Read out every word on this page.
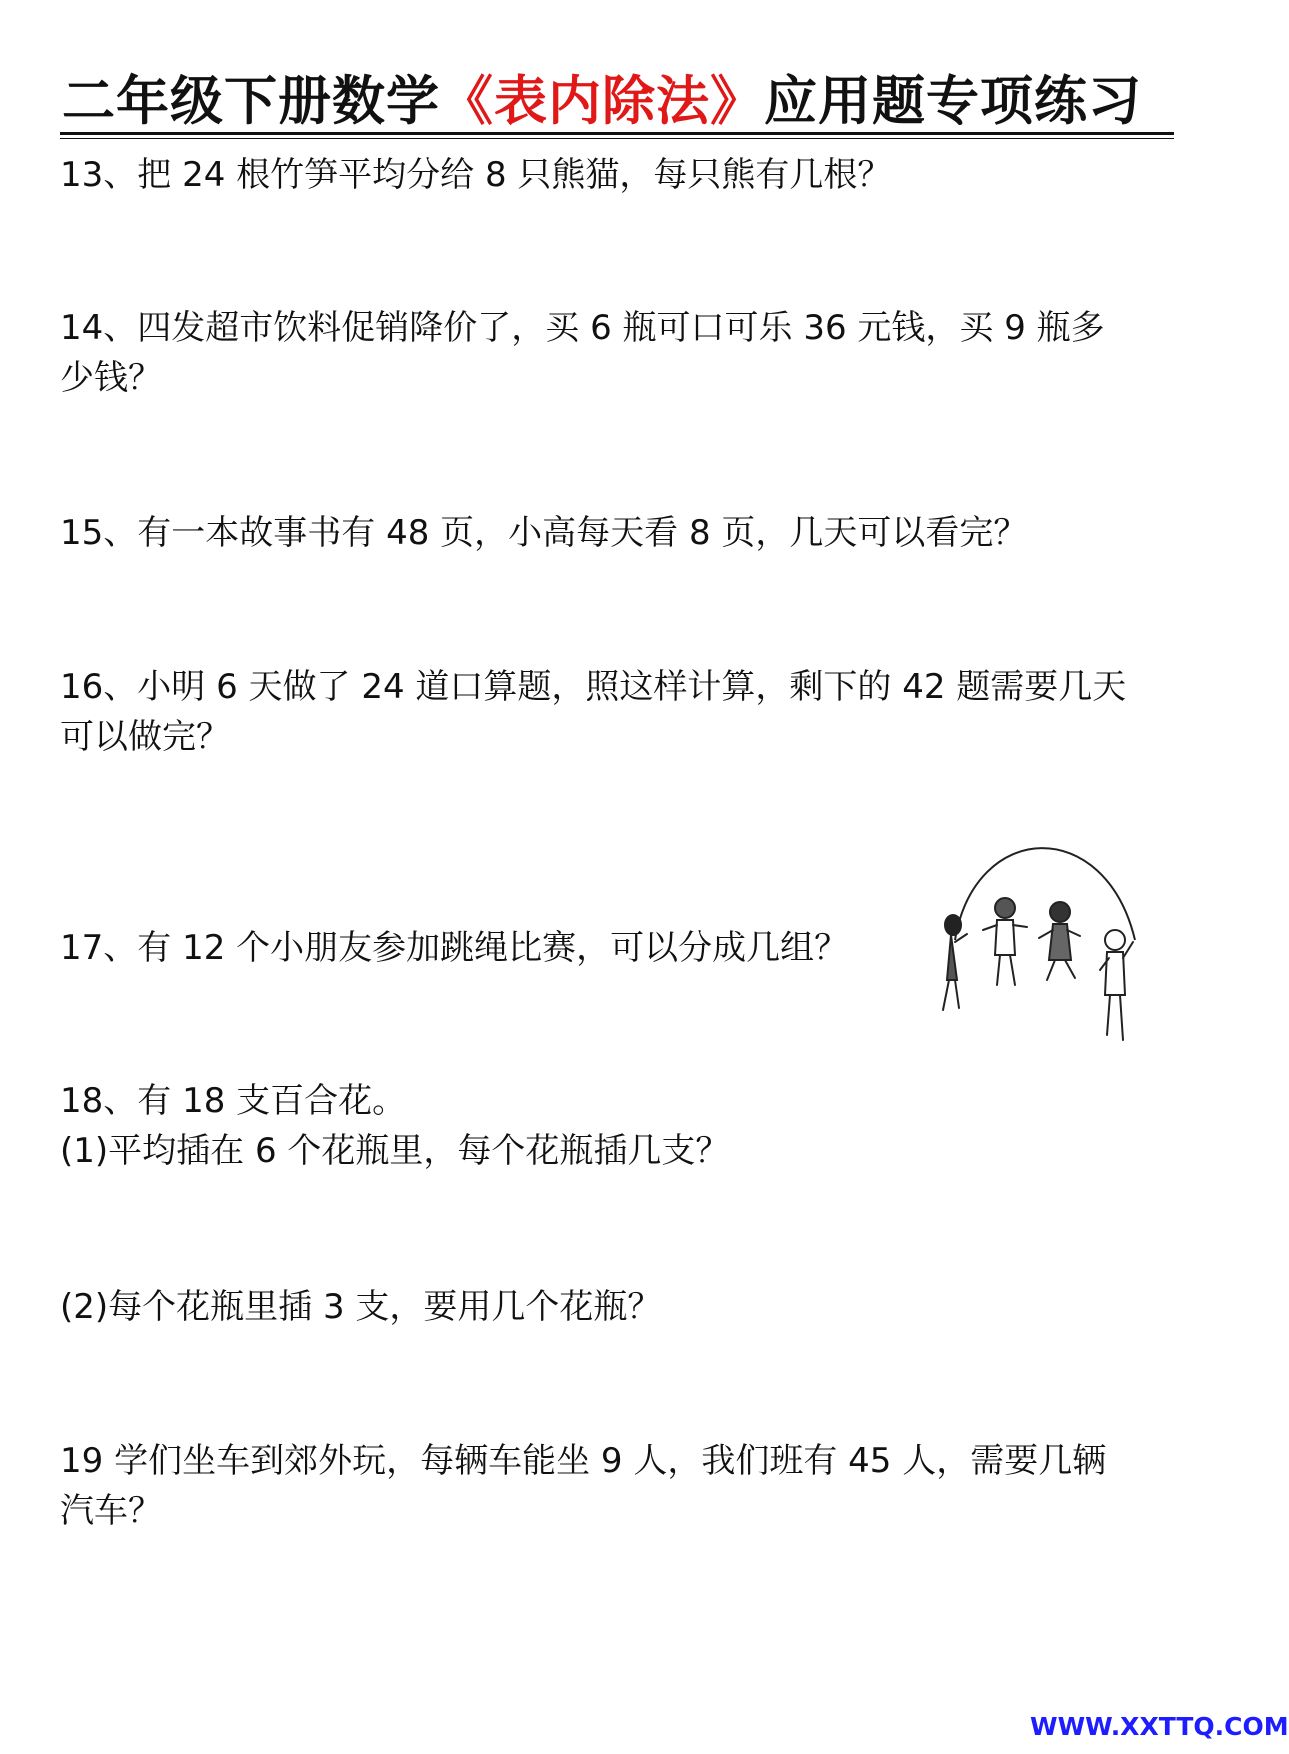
二年级下册数学《表内除法》应用题专项练习
13、把 24 根竹笋平均分给 8 只熊猫，每只熊有几根？
14、四发超市饮料促销降价了，买 6 瓶可口可乐 36 元钱，买 9 瓶多
少钱？
15、有一本故事书有 48 页，小高每天看 8 页，几天可以看完？
16、小明 6 天做了 24 道口算题，照这样计算，剩下的 42 题需要几天
可以做完？
17、有 12 个小朋友参加跳绳比赛，可以分成几组？
18、有 18 支百合花。
(1)平均插在 6 个花瓶里，每个花瓶插几支？
(2)每个花瓶里插 3 支，要用几个花瓶？
19 学们坐车到郊外玩，每辆车能坐 9 人，我们班有 45 人，需要几辆
汽车？
WWW.XXTTQ.COM
